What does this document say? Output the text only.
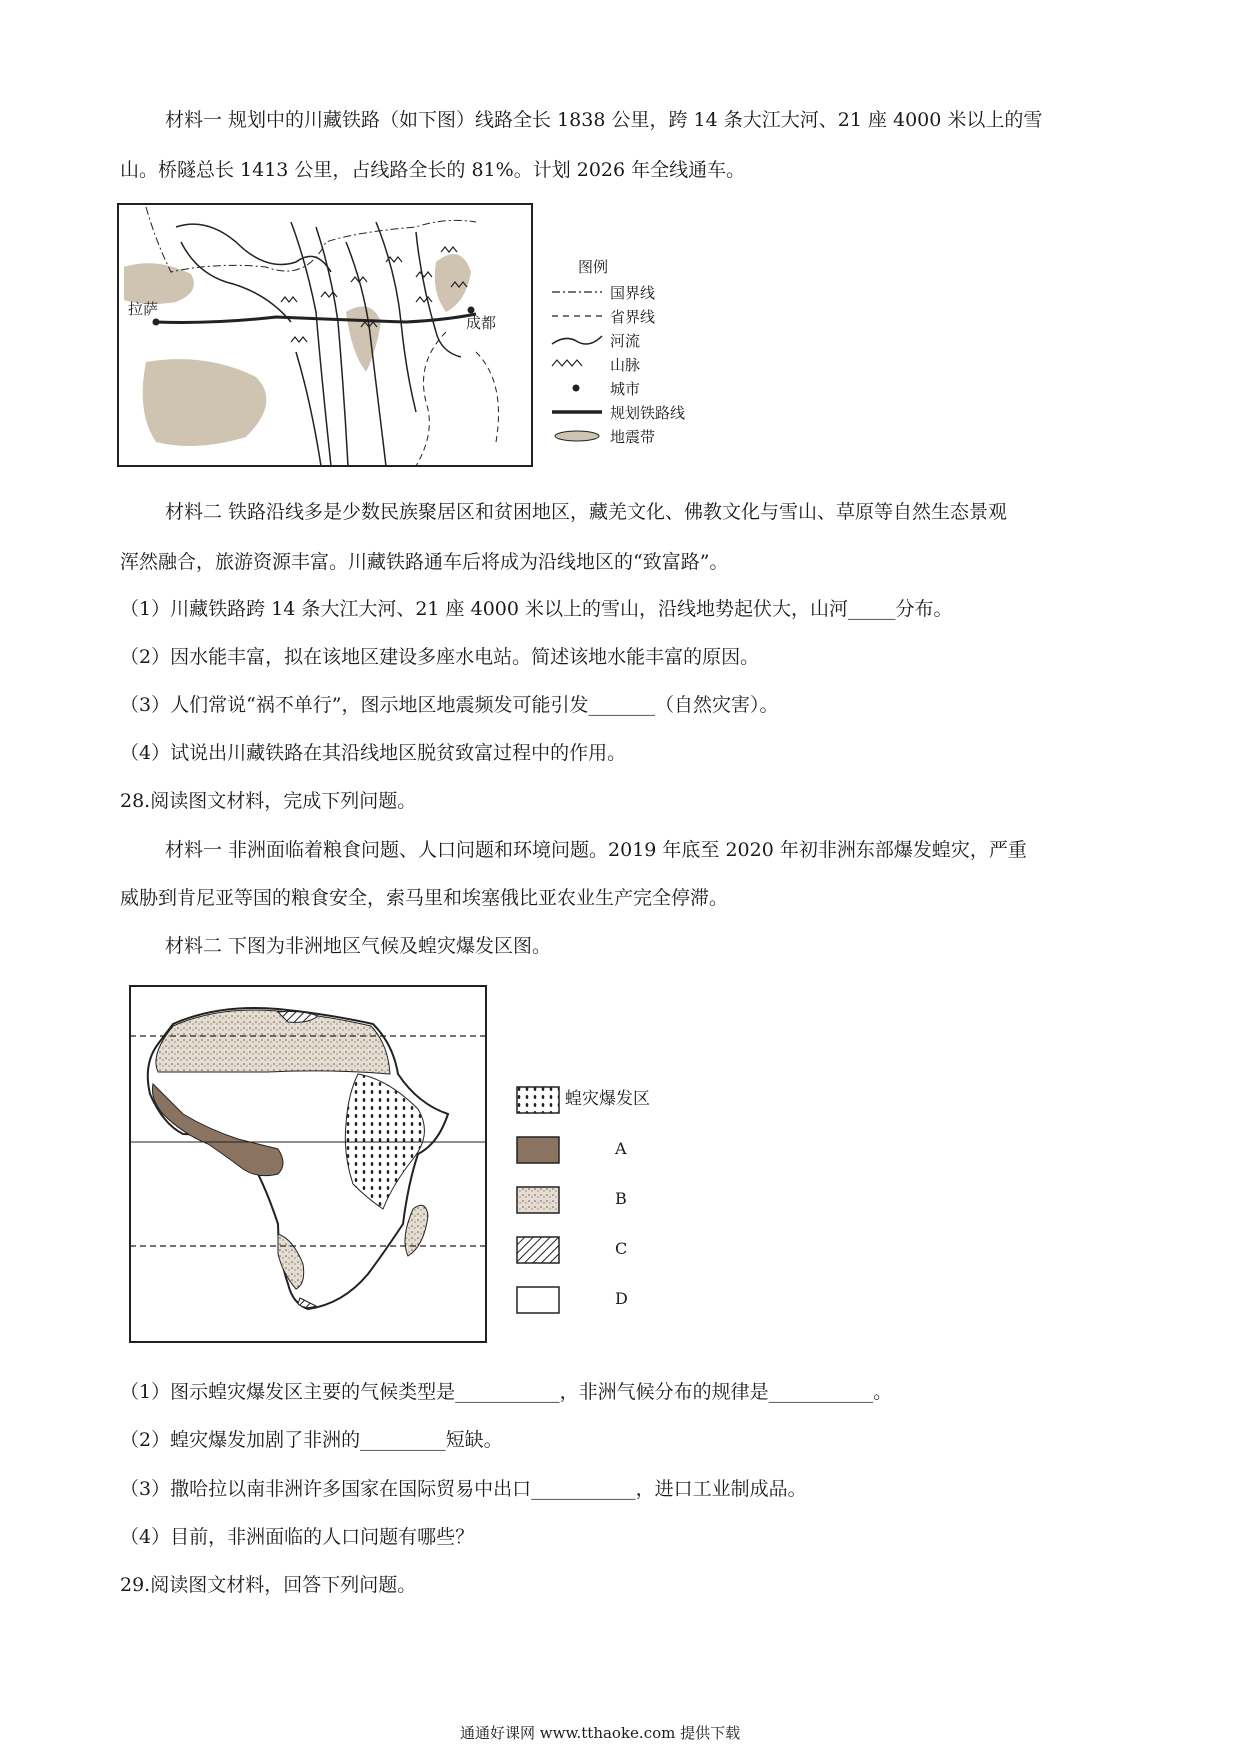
材料一 规划中的川藏铁路（如下图）线路全长 1838 公里，跨 14 条大江大河、21 座 4000 米以上的雪
山。桥隧总长 1413 公里，占线路全长的 81%。计划 2026 年全线通车。
拉萨
成都
图例
国界线
省界线
河流
山脉
城市
规划铁路线
地震带
材料二 铁路沿线多是少数民族聚居区和贫困地区，藏羌文化、佛教文化与雪山、草原等自然生态景观
浑然融合，旅游资源丰富。川藏铁路通车后将成为沿线地区的“致富路”。
（1）川藏铁路跨 14 条大江大河、21 座 4000 米以上的雪山，沿线地势起伏大，山河_____分布。
（2）因水能丰富，拟在该地区建设多座水电站。简述该地水能丰富的原因。
（3）人们常说“祸不单行”，图示地区地震频发可能引发_______（自然灾害）。
（4）试说出川藏铁路在其沿线地区脱贫致富过程中的作用。
28.阅读图文材料，完成下列问题。
材料一 非洲面临着粮食问题、人口问题和环境问题。2019 年底至 2020 年初非洲东部爆发蝗灾，严重
威胁到肯尼亚等国的粮食安全，索马里和埃塞俄比亚农业生产完全停滞。
材料二 下图为非洲地区气候及蝗灾爆发区图。
蝗灾爆发区
A
B
C
D
（1）图示蝗灾爆发区主要的气候类型是___________，非洲气候分布的规律是___________。
（2）蝗灾爆发加剧了非洲的_________短缺。
（3）撒哈拉以南非洲许多国家在国际贸易中出口___________，进口工业制成品。
（4）目前，非洲面临的人口问题有哪些？
29.阅读图文材料，回答下列问题。
通通好课网 www.tthaoke.com 提供下载
